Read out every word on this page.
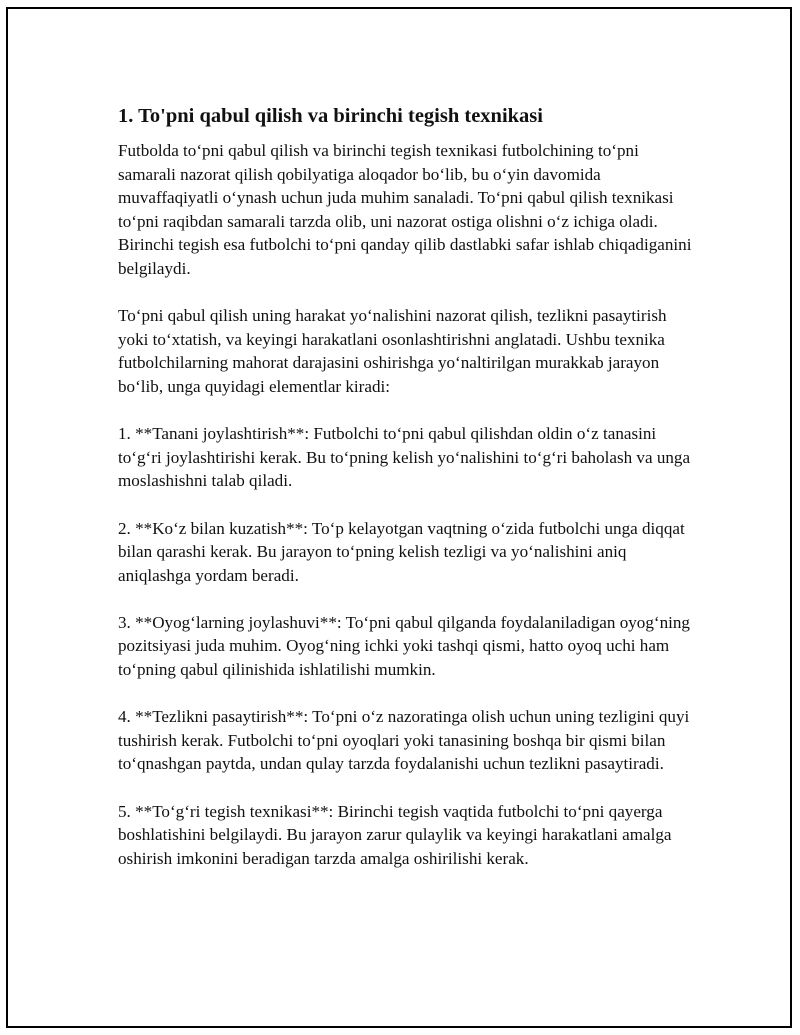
1. To'pni qabul qilish va birinchi tegish texnikasi

Futbolda to‘pni qabul qilish va birinchi tegish texnikasi futbolchining to‘pni samarali nazorat qilish qobilyatiga aloqador bo‘lib, bu o‘yin davomida muvaffaqiyatli o‘ynash uchun juda muhim sanaladi. To‘pni qabul qilish texnikasi to‘pni raqibdan samarali tarzda olib, uni nazorat ostiga olishni o‘z ichiga oladi. Birinchi tegish esa futbolchi to‘pni qanday qilib dastlabki safar ishlab chiqadiganini belgilaydi.

To‘pni qabul qilish uning harakat yo‘nalishini nazorat qilish, tezlikni pasaytirish yoki to‘xtatish, va keyingi harakatlani osonlashtirishni anglatadi. Ushbu texnika futbolchilarning mahorat darajasini oshirishga yo‘naltirilgan murakkab jarayon bo‘lib, unga quyidagi elementlar kiradi:

1. **Tanani joylashtirish**: Futbolchi to‘pni qabul qilishdan oldin o‘z tanasini to‘g‘ri joylashtirishi kerak. Bu to‘pning kelish yo‘nalishini to‘g‘ri baholash va unga moslashishni talab qiladi.

2. **Ko‘z bilan kuzatish**: To‘p kelayotgan vaqtning o‘zida futbolchi unga diqqat bilan qarashi kerak. Bu jarayon to‘pning kelish tezligi va yo‘nalishini aniq aniqlashga yordam beradi.

3. **Oyog‘larning joylashuvi**: To‘pni qabul qilganda foydalaniladigan oyog‘ning pozitsiyasi juda muhim. Oyog‘ning ichki yoki tashqi qismi, hatto oyoq uchi ham to‘pning qabul qilinishida ishlatilishi mumkin.

4. **Tezlikni pasaytirish**: To‘pni o‘z nazoratinga olish uchun uning tezligini quyi tushirish kerak. Futbolchi to‘pni oyoqlari yoki tanasining boshqa bir qismi bilan to‘qnashgan paytda, undan qulay tarzda foydalanishi uchun tezlikni pasaytiradi.

5. **To‘g‘ri tegish texnikasi**: Birinchi tegish vaqtida futbolchi to‘pni qayerga boshlatishini belgilaydi. Bu jarayon zarur qulaylik va keyingi harakatlani amalga oshirish imkonini beradigan tarzda amalga oshirilishi kerak.
